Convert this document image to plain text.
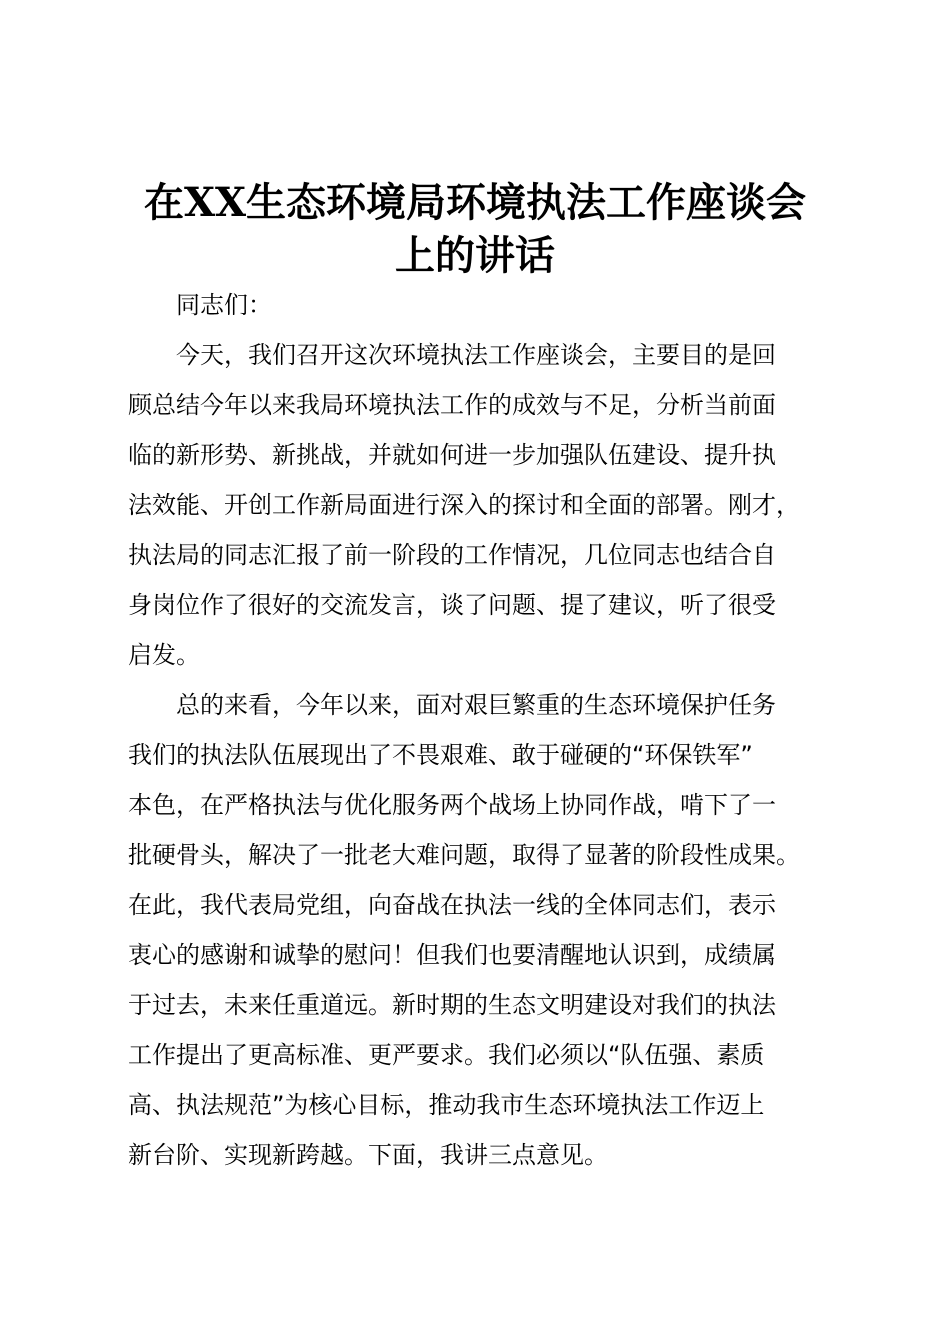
在XX生态环境局环境执法工作座谈会
上的讲话
同志们：
今天，我们召开这次环境执法工作座谈会，主要目的是回
顾总结今年以来我局环境执法工作的成效与不足，分析当前面
临的新形势、新挑战，并就如何进一步加强队伍建设、提升执
法效能、开创工作新局面进行深入的探讨和全面的部署。刚才，
执法局的同志汇报了前一阶段的工作情况，几位同志也结合自
身岗位作了很好的交流发言，谈了问题、提了建议，听了很受
启发。
总的来看，今年以来，面对艰巨繁重的生态环境保护任务
我们的执法队伍展现出了不畏艰难、敢于碰硬的“环保铁军”
本色，在严格执法与优化服务两个战场上协同作战，啃下了一
批硬骨头，解决了一批老大难问题，取得了显著的阶段性成果。
在此，我代表局党组，向奋战在执法一线的全体同志们，表示
衷心的感谢和诚挚的慰问！但我们也要清醒地认识到，成绩属
于过去，未来任重道远。新时期的生态文明建设对我们的执法
工作提出了更高标准、更严要求。我们必须以“队伍强、素质
高、执法规范”为核心目标，推动我市生态环境执法工作迈上
新台阶、实现新跨越。下面，我讲三点意见。
